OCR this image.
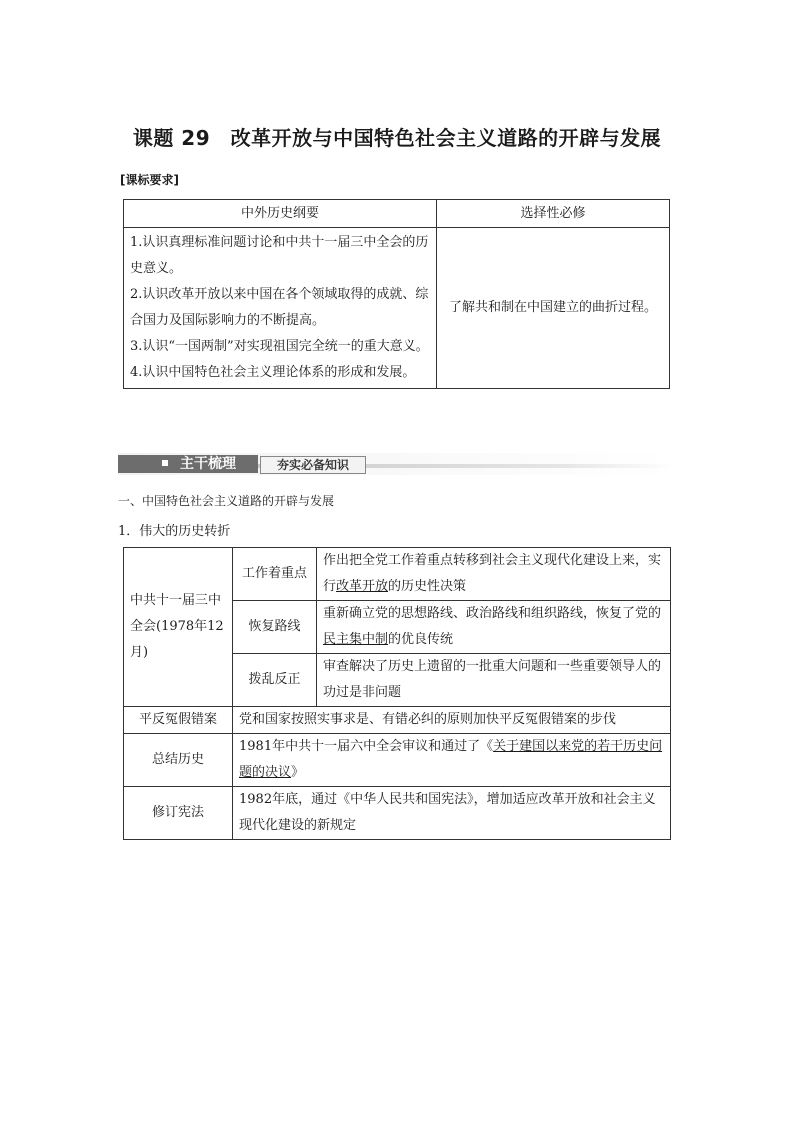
课题 29　改革开放与中国特色社会主义道路的开辟与发展
[课标要求]
中外历史纲要	选择性必修

1.认识真理标准问题讨论和中共十一届三中全会的历史意义。
2.认识改革开放以来中国在各个领域取得的成就、综合国力及国际影响力的不断提高。
3.认识“一国两制”对实现祖国完全统一的重大意义。
4.认识中国特色社会主义理论体系的形成和发展。	了解共和制在中国建立的曲折过程。
主干梳理	夯实必备知识
一、中国特色社会主义道路的开辟与发展
1．伟大的历史转折
中共十一届三中全会(1978年12月)	工作着重点	作出把全党工作着重点转移到社会主义现代化建设上来，实行改革开放的历史性决策
	恢复路线	重新确立党的思想路线、政治路线和组织路线，恢复了党的民主集中制的优良传统
	拨乱反正	审查解决了历史上遗留的一批重大问题和一些重要领导人的功过是非问题
平反冤假错案	党和国家按照实事求是、有错必纠的原则加快平反冤假错案的步伐	
总结历史	1981年中共十一届六中全会审议和通过了《关于建国以来党的若干历史问题的决议》	
修订宪法	1982年底，通过《中华人民共和国宪法》，增加适应改革开放和社会主义现代化建设的新规定	
